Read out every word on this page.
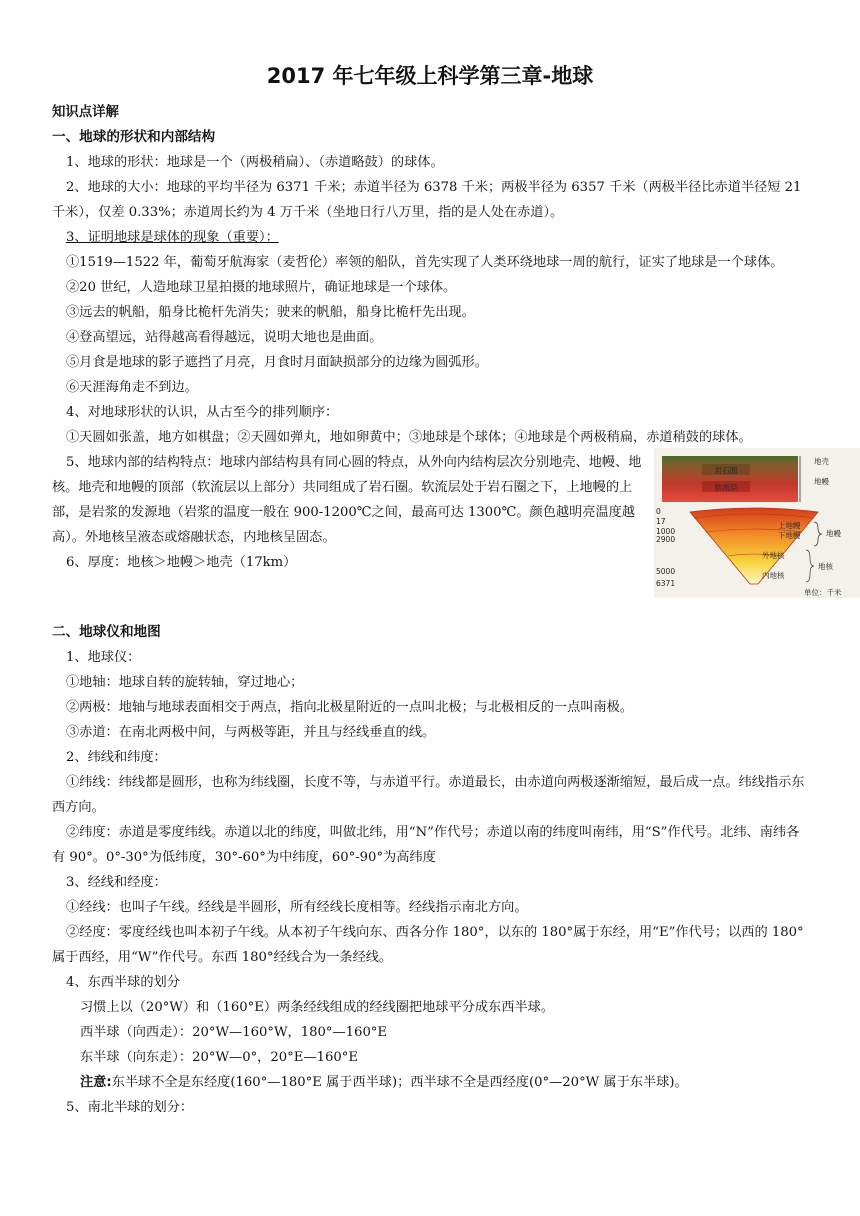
2017 年七年级上科学第三章-地球

知识点详解

一、地球的形状和内部结构

1、地球的形状：地球是一个（两极稍扁）、（赤道略鼓）的球体。

2、地球的大小：地球的平均半径为 6371 千米；赤道半径为 6378 千米；两极半径为 6357 千米（两极半径比赤道半径短 21 千米），仅差 0.33%；赤道周长约为 4 万千米（坐地日行八万里，指的是人处在赤道）。

3、证明地球是球体的现象（重要）：

①1519—1522 年，葡萄牙航海家（麦哲伦）率领的船队，首先实现了人类环绕地球一周的航行，证实了地球是一个球体。

②20 世纪，人造地球卫星拍摄的地球照片，确证地球是一个球体。

③远去的帆船，船身比桅杆先消失；驶来的帆船，船身比桅杆先出现。

④登高望远，站得越高看得越远，说明大地也是曲面。

⑤月食是地球的影子遮挡了月亮，月食时月面缺损部分的边缘为圆弧形。

⑥天涯海角走不到边。

4、对地球形状的认识，从古至今的排列顺序：

①天圆如张盖，地方如棋盘；②天圆如弹丸，地如卵黄中；③地球是个球体；④地球是个两极稍扁，赤道稍鼓的球体。

岩石圈
软流层
地壳
地幔
0
17
1000
2900
5000
6371
上地幔
下地幔
外地核
内地核
地幔
地核
单位：千米

5、地球内部的结构特点：地球内部结构具有同心圆的特点，从外向内结构层次分别地壳、地幔、地核。地壳和地幔的顶部（软流层以上部分）共同组成了岩石圈。软流层处于岩石圈之下，上地幔的上部，是岩浆的发源地（岩浆的温度一般在 900-1200℃之间，最高可达 1300℃。颜色越明亮温度越高）。外地核呈液态或熔融状态，内地核呈固态。

6、厚度：地核＞地幔＞地壳（17km）

二、地球仪和地图

1、地球仪：

①地轴：地球自转的旋转轴，穿过地心；

②两极：地轴与地球表面相交于两点，指向北极星附近的一点叫北极；与北极相反的一点叫南极。

③赤道：在南北两极中间，与两极等距，并且与经线垂直的线。

2、纬线和纬度：

①纬线：纬线都是圆形，也称为纬线圈，长度不等，与赤道平行。赤道最长，由赤道向两极逐渐缩短，最后成一点。纬线指示东西方向。

②纬度：赤道是零度纬线。赤道以北的纬度，叫做北纬，用“N”作代号；赤道以南的纬度叫南纬，用“S”作代号。北纬、南纬各有 90°。0°-30°为低纬度，30°-60°为中纬度，60°-90°为高纬度

3、经线和经度：

①经线：也叫子午线。经线是半圆形，所有经线长度相等。经线指示南北方向。

②经度：零度经线也叫本初子午线。从本初子午线向东、西各分作 180°，以东的 180°属于东经，用“E”作代号；以西的 180°属于西经，用“W”作代号。东西 180°经线合为一条经线。

4、东西半球的划分

习惯上以（20°W）和（160°E）两条经线组成的经线圈把地球平分成东西半球。

西半球（向西走）：20°W—160°W，180°—160°E

东半球（向东走）：20°W—0°，20°E—160°E

注意:东半球不全是东经度(160°—180°E 属于西半球)；西半球不全是西经度(0°—20°W 属于东半球)。

5、南北半球的划分：
